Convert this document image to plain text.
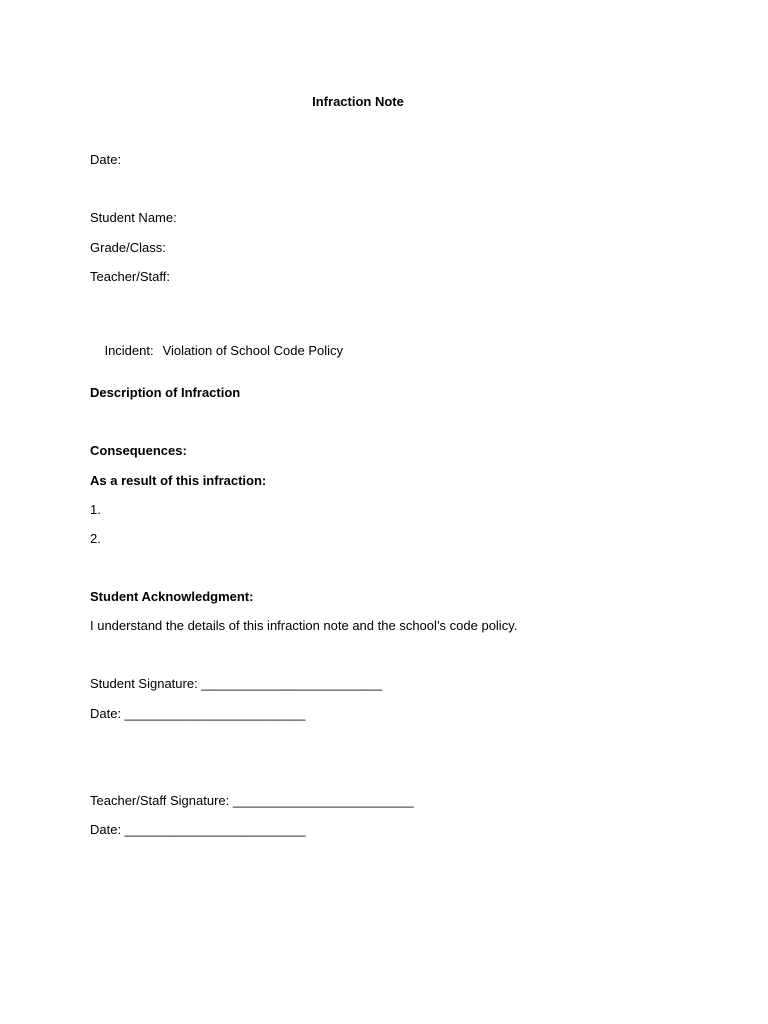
Infraction Note

Date:

Student Name:

Grade/Class:

Teacher/Staff:

Incident: Violation of School Code Policy

Description of Infraction

Consequences:

As a result of this infraction:

1.

2.

Student Acknowledgment:

I understand the details of this infraction note and the school’s code policy.

Student Signature: _________________________

Date: _________________________

Teacher/Staff Signature: _________________________

Date: _________________________
